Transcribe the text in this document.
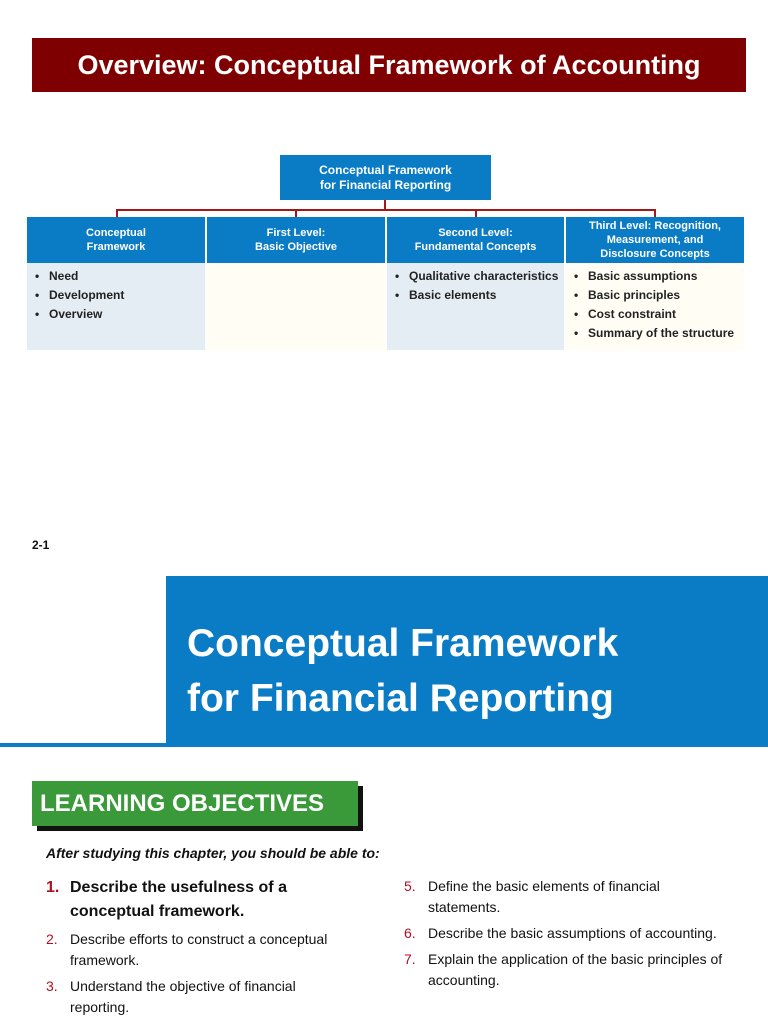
Overview: Conceptual Framework of Accounting
Conceptual Framework
for Financial Reporting
Conceptual
Framework
First Level:
Basic Objective
Second Level:
Fundamental Concepts
Third Level: Recognition,
Measurement, and
Disclosure Concepts
• Need
• Development
• Overview
• Qualitative characteristics
• Basic elements
• Basic assumptions
• Basic principles
• Cost constraint
• Summary of the structure
2-1
Conceptual Framework
for Financial Reporting
LEARNING OBJECTIVES
After studying this chapter, you should be able to:
1. Describe the usefulness of a conceptual framework.
2. Describe efforts to construct a conceptual framework.
3. Understand the objective of financial reporting.
5. Define the basic elements of financial statements.
6. Describe the basic assumptions of accounting.
7. Explain the application of the basic principles of accounting.
